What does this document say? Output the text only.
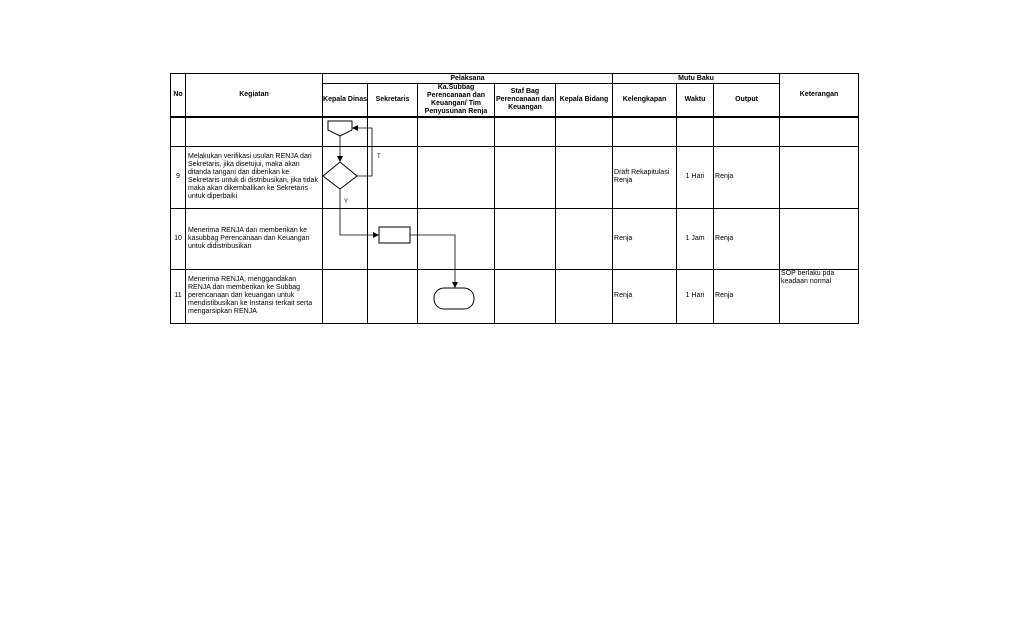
No	Kegiatan	Pelaksana					Mutu Baku			Keterangan
		Kepala Dinas	Sekretaris	Ka.Subbag Perencanaan dan Keuangan/ Tim Penyusunan Renja	Staf Bag Perencanaan dan Keuangan	Kepala Bidang	Kelengkapan	Waktu	Output	

9	Melakukan verifikasi usulan RENJA dari Sekretaris, jika disetujui, maka akan ditanda tangani dan diberikan ke Sekretaris untuk di distribusikan, jika tidak maka akan dikembalikan ke Sekretaris untuk diperbaiki						Draft Rekapitulasi Renja	1 Hari	Renja	
10	Menerima RENJA dan memberikan ke kasubbag Perencanaan dan Keuangan untuk didistribusikan						Renja	1 Jam	Renja	
11	Menerima RENJA, menggandakan RENJA dan memberikan ke Subbag perencanaan dan keuangan untuk mendistibusikan ke Instansi terkait serta mengarsipkan RENJA						Renja	1 Hari	Renja	SOP berlaku pda keadaan normal
T
Y
